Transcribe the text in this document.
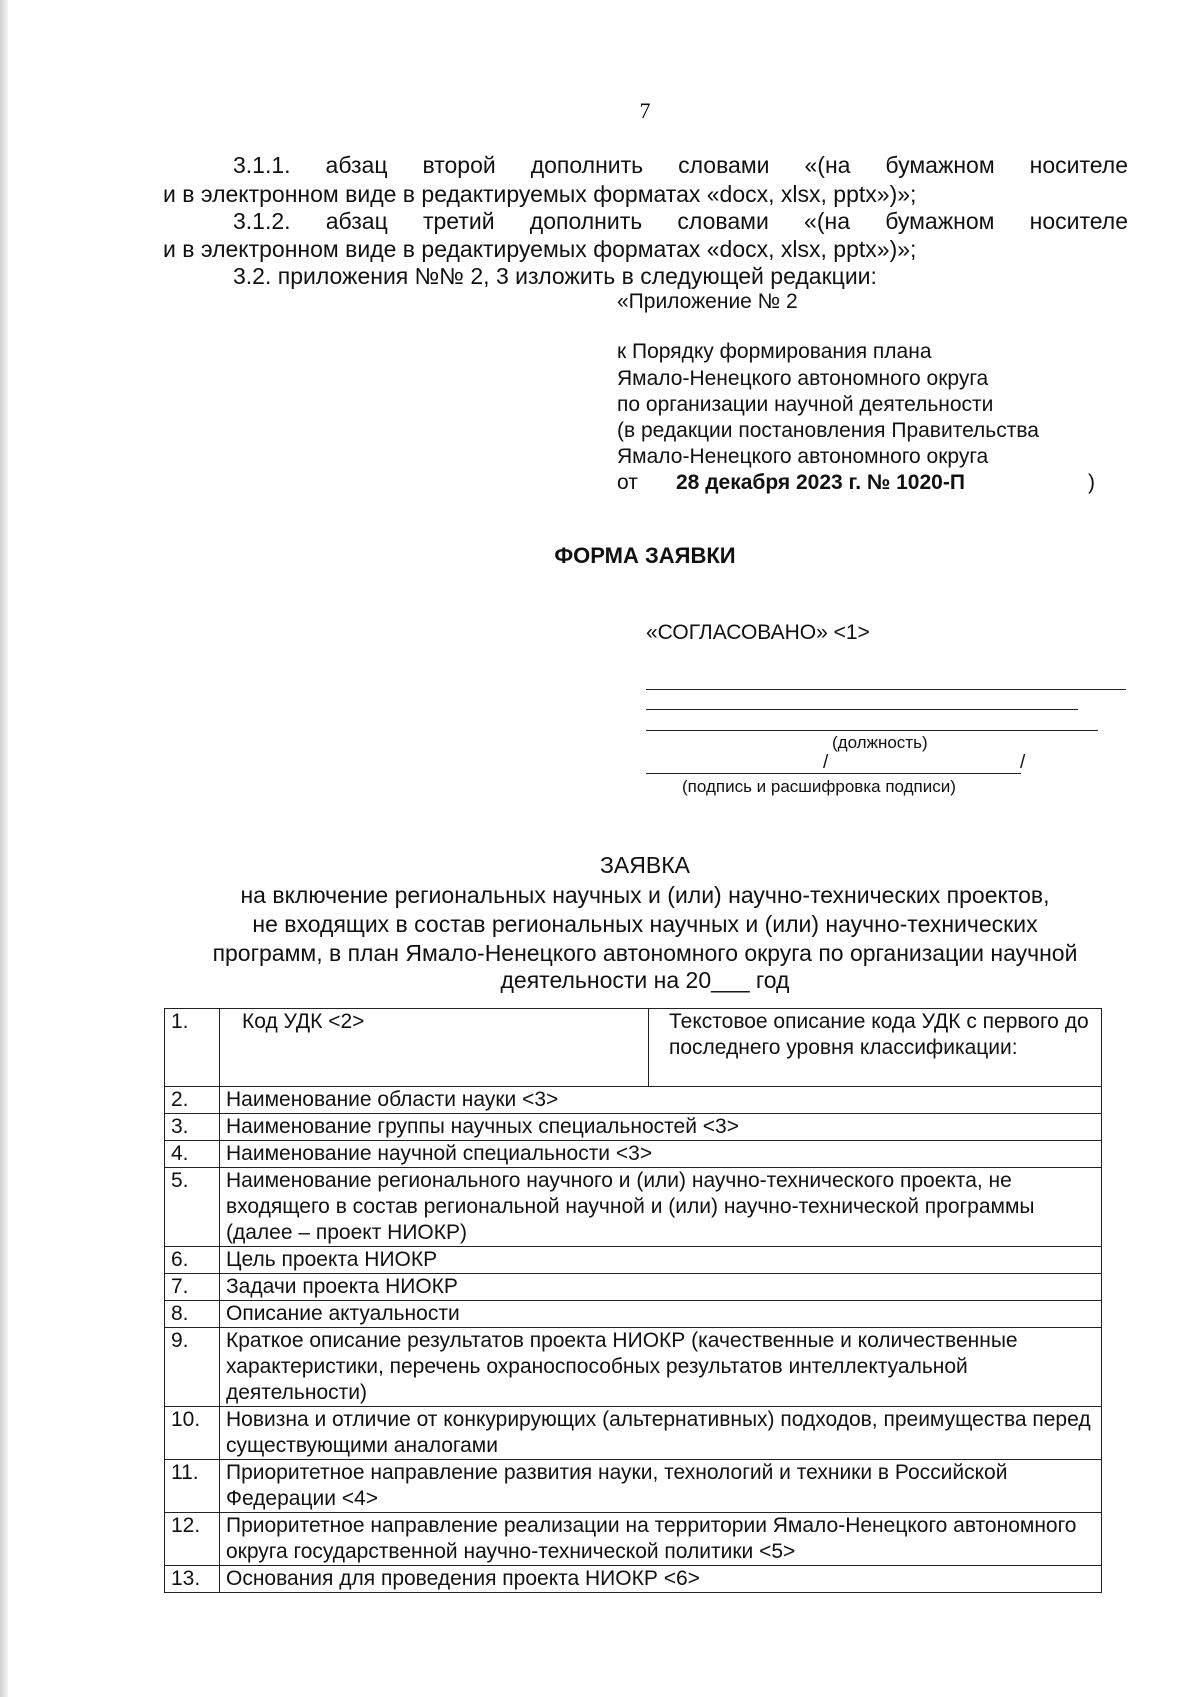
7
3.1.1. абзац второй дополнить словами «(на бумажном носителе
и в электронном виде в редактируемых форматах «docx, xlsx, pptx»)»;
3.1.2. абзац третий дополнить словами «(на бумажном носителе
и в электронном виде в редактируемых форматах «docx, xlsx, pptx»)»;
3.2. приложения №№ 2, 3 изложить в следующей редакции:
«Приложение № 2
к Порядку формирования плана
Ямало-Ненецкого автономного округа
по организации научной деятельности
(в редакции постановления Правительства
Ямало-Ненецкого автономного округа
от 28 декабря 2023 г. № 1020-П	)
ФОРМА ЗАЯВКИ
«СОГЛАСОВАНО» <1>
(должность)
/	/
(подпись и расшифровка подписи)
ЗАЯВКА
на включение региональных научных и (или) научно-технических проектов,
не входящих в состав региональных научных и (или) научно-технических
программ, в план Ямало-Ненецкого автономного округа по организации научной
деятельности на 20___ год
1.	Код УДК <2>	Текстовое описание кода УДК с первого до последнего уровня классификации:
2.	Наименование области науки <3>	
3.	Наименование группы научных специальностей <3>	
4.	Наименование научной специальности <3>	
5.	Наименование регионального научного и (или) научно-технического проекта, не входящего в состав региональной научной и (или) научно-технической программы (далее – проект НИОКР)	
6.	Цель проекта НИОКР	
7.	Задачи проекта НИОКР	
8.	Описание актуальности	
9.	Краткое описание результатов проекта НИОКР (качественные и количественные характеристики, перечень охраноспособных результатов интеллектуальной деятельности)	
10.	Новизна и отличие от конкурирующих (альтернативных) подходов, преимущества перед существующими аналогами	
11.	Приоритетное направление развития науки, технологий и техники в Российской Федерации <4>	
12.	Приоритетное направление реализации на территории Ямало-Ненецкого автономного округа государственной научно-технической политики <5>	
13.	Основания для проведения проекта НИОКР <6>	
